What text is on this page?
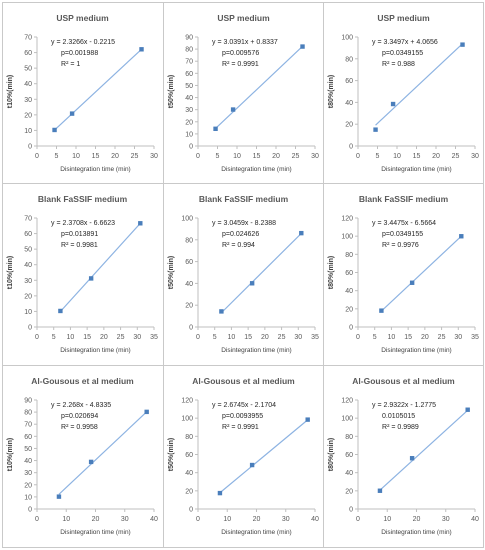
USP medium
0
10
20
30
40
50
60
70
0 5 10 15 20 25 30
Disintegration time (min)
t10%(min)
y = 2.3266x - 0.2215
p=0.001988
R² = 1
USP medium
0
10
20
30
40
50
60
70
80
90
0 5 10 15 20 25 30
Disintegration time (min)
t50%(min)
y = 3.0391x + 0.8337
p=0.009576
R² = 0.9991
USP medium
0
20
40
60
80
100
0 5 10 15 20 25 30
Disintegration time (min)
t80%(min)
y = 3.3497x + 4.0656
p=0.0349155
R² = 0.988
Blank FaSSIF medium
0
10
20
30
40
50
60
70
0 5 10 15 20 25 30 35
Disintegration time (min)
t10%(min)
y = 2.3708x - 6.6623
p=0.013891
R² = 0.9981
Blank FaSSIF medium
0
20
40
60
80
100
0 5 10 15 20 25 30 35
Disintegration time (min)
t50%(min)
y = 3.0459x - 8.2388
p=0.024626
R² = 0.994
Blank FaSSIF medium
0
20
40
60
80
100
120
0 5 10 15 20 25 30 35
Disintegration time (min)
t80%(min)
y = 3.4475x - 6.5664
p=0.0349155
R² = 0.9976
Al-Gousous et al medium
0
10
20
30
40
50
60
70
80
90
0	10	20	30	40
Disintegration time (min)
t10%(min)
y = 2.268x - 4.8335
p=0.020694
R² = 0.9958
Al-Gousous et al medium
0
20
40
60
80
100
120
0	10	20	30	40
Disintegration time (min)
t50%(min)
y = 2.6745x - 2.1704
p=0.0093955
R² = 0.9991
Al-Gousous et al medium
0
20
40
60
80
100
120
0	10	20	30	40
Disintegration time (min)
t80%(min)
y = 2.9322x - 1.2775
0.0105015
R² = 0.9989
